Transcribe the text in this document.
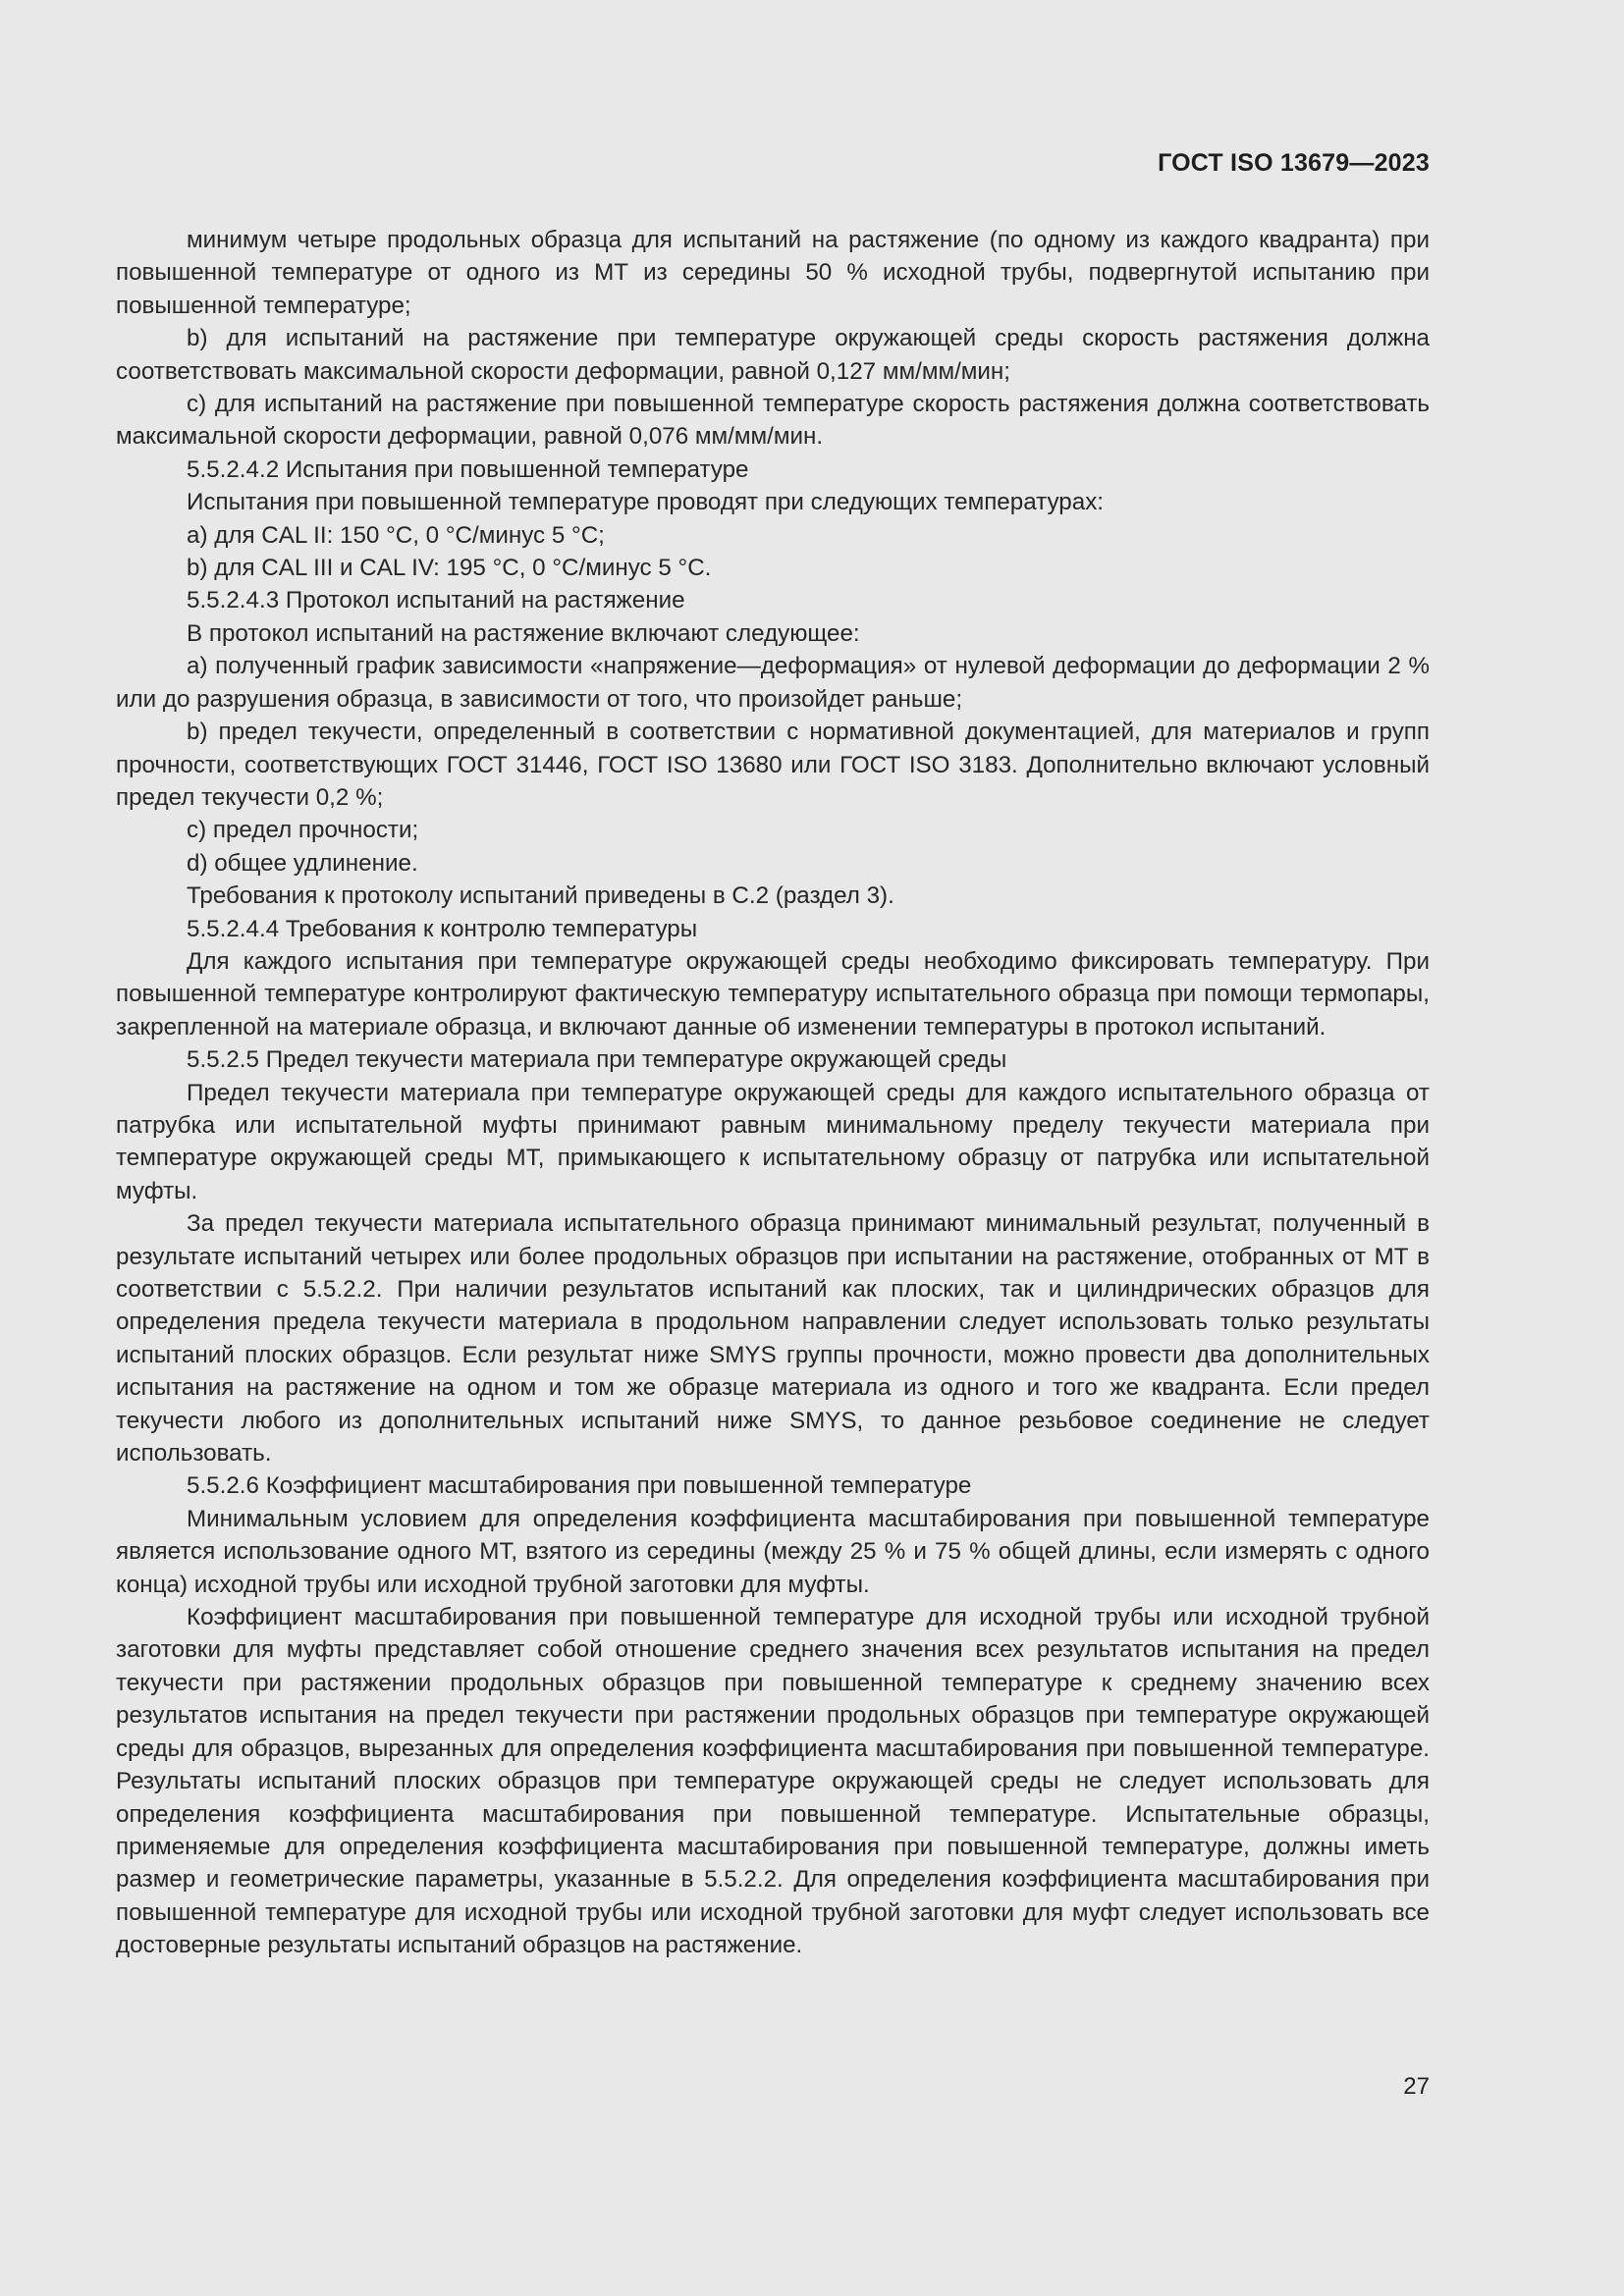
ГОСТ ISO 13679—2023

минимум четыре продольных образца для испытаний на растяжение (по одному из каждого квадранта) при повышенной температуре от одного из МТ из середины 50 % исходной трубы, подвергнутой испытанию при повышенной температуре;

b) для испытаний на растяжение при температуре окружающей среды скорость растяжения должна соответствовать максимальной скорости деформации, равной 0,127 мм/мм/мин;

c) для испытаний на растяжение при повышенной температуре скорость растяжения должна соответствовать максимальной скорости деформации, равной 0,076 мм/мм/мин.

5.5.2.4.2 Испытания при повышенной температуре

Испытания при повышенной температуре проводят при следующих температурах:

a) для CAL II: 150 °С, 0 °С/минус 5 °С;

b) для CAL III и CAL IV: 195 °С, 0 °С/минус 5 °С.

5.5.2.4.3 Протокол испытаний на растяжение

В протокол испытаний на растяжение включают следующее:

a) полученный график зависимости «напряжение—деформация» от нулевой деформации до деформации 2 % или до разрушения образца, в зависимости от того, что произойдет раньше;

b) предел текучести, определенный в соответствии с нормативной документацией, для материалов и групп прочности, соответствующих ГОСТ 31446, ГОСТ ISO 13680 или ГОСТ ISO 3183. Дополнительно включают условный предел текучести 0,2 %;

c) предел прочности;

d) общее удлинение.

Требования к протоколу испытаний приведены в С.2 (раздел 3).

5.5.2.4.4 Требования к контролю температуры

Для каждого испытания при температуре окружающей среды необходимо фиксировать температуру. При повышенной температуре контролируют фактическую температуру испытательного образца при помощи термопары, закрепленной на материале образца, и включают данные об изменении температуры в протокол испытаний.

5.5.2.5 Предел текучести материала при температуре окружающей среды

Предел текучести материала при температуре окружающей среды для каждого испытательного образца от патрубка или испытательной муфты принимают равным минимальному пределу текучести материала при температуре окружающей среды МТ, примыкающего к испытательному образцу от патрубка или испытательной муфты.

За предел текучести материала испытательного образца принимают минимальный результат, полученный в результате испытаний четырех или более продольных образцов при испытании на растяжение, отобранных от МТ в соответствии с 5.5.2.2. При наличии результатов испытаний как плоских, так и цилиндрических образцов для определения предела текучести материала в продольном направлении следует использовать только результаты испытаний плоских образцов. Если результат ниже SMYS группы прочности, можно провести два дополнительных испытания на растяжение на одном и том же образце материала из одного и того же квадранта. Если предел текучести любого из дополнительных испытаний ниже SMYS, то данное резьбовое соединение не следует использовать.

5.5.2.6 Коэффициент масштабирования при повышенной температуре

Минимальным условием для определения коэффициента масштабирования при повышенной температуре является использование одного МТ, взятого из середины (между 25 % и 75 % общей длины, если измерять с одного конца) исходной трубы или исходной трубной заготовки для муфты.

Коэффициент масштабирования при повышенной температуре для исходной трубы или исходной трубной заготовки для муфты представляет собой отношение среднего значения всех результатов испытания на предел текучести при растяжении продольных образцов при повышенной температуре к среднему значению всех результатов испытания на предел текучести при растяжении продольных образцов при температуре окружающей среды для образцов, вырезанных для определения коэффициента масштабирования при повышенной температуре. Результаты испытаний плоских образцов при температуре окружающей среды не следует использовать для определения коэффициента масштабирования при повышенной температуре. Испытательные образцы, применяемые для определения коэффициента масштабирования при повышенной температуре, должны иметь размер и геометрические параметры, указанные в 5.5.2.2. Для определения коэффициента масштабирования при повышенной температуре для исходной трубы или исходной трубной заготовки для муфт следует использовать все достоверные результаты испытаний образцов на растяжение.

27
